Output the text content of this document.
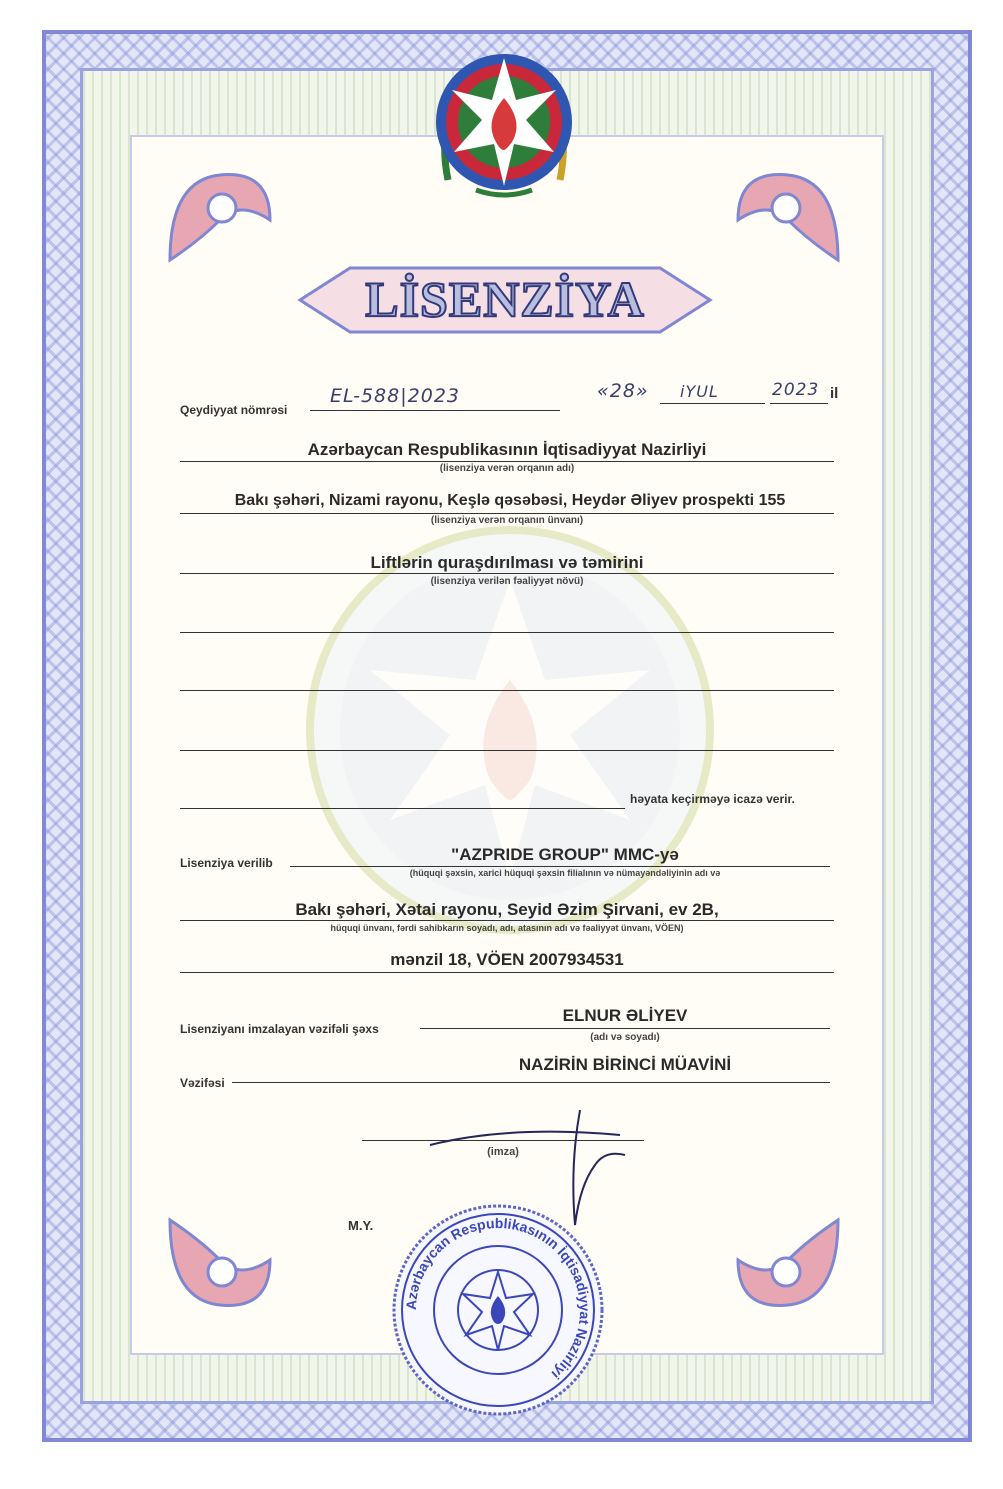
LİSENZİYA
Qeydiyyat nömrəsi
EL-588|2023	«28» iYUL	2023 il
Azərbaycan Respublikasının İqtisadiyyat Nazirliyi
(lisenziya verən orqanın adı)
Bakı şəhəri, Nizami rayonu, Keşlə qəsəbəsi, Heydər Əliyev prospekti 155
(lisenziya verən orqanın ünvanı)
Liftlərin quraşdırılması və təmirini
(lisenziya verilən fəaliyyət növü)
həyata keçirməyə icazə verir.
Lisenziya verilib	"AZPRIDE GROUP" MMC-yə
(hüquqi şəxsin, xarici hüquqi şəxsin filialının və nümayəndəliyinin adı və
Bakı şəhəri, Xətai rayonu, Seyid Əzim Şirvani, ev 2B,
hüquqi ünvanı, fərdi sahibkarın soyadı, adı, atasının adı və fəaliyyət ünvanı, VÖEN)
mənzil 18, VÖEN 2007934531
Lisenziyanı imzalayan vəzifəli şəxs
ELNUR ƏLİYEV
(adı və soyadı)
Vəzifəsi
NAZİRİN BİRİNCİ MÜAVİNİ
(imza)
M.Y.
Azərbaycan Respublikasının İqtisadiyyat Nazirliyi
